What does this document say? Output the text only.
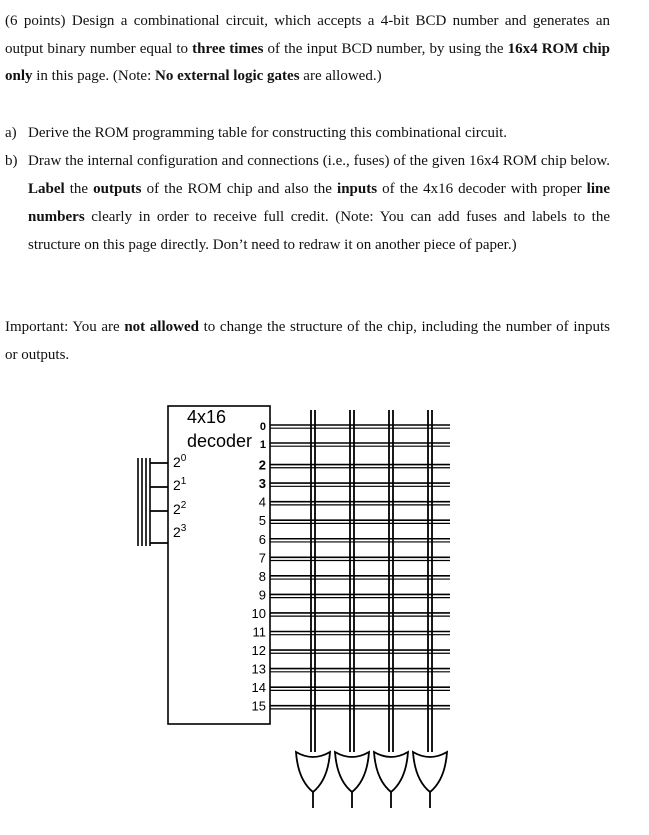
(6 points) Design a combinational circuit, which accepts a 4-bit BCD number and generates an output binary number equal to three times of the input BCD number, by using the 16x4 ROM chip only in this page. (Note: No external logic gates are allowed.)

a) Derive the ROM programming table for constructing this combinational circuit.
b) Draw the internal configuration and connections (i.e., fuses) of the given 16x4 ROM chip below. Label the outputs of the ROM chip and also the inputs of the 4x16 decoder with proper line numbers clearly in order to receive full credit. (Note: You can add fuses and labels to the structure on this page directly. Don’t need to redraw it on another piece of paper.)

Important: You are not allowed to change the structure of the chip, including the number of inputs or outputs.

4x16
decoder
$2^0$
$2^1$
$2^2$
$2^3$
0
1
2
3
4
5
6
7
8
9
10
11
12
13
14
15
